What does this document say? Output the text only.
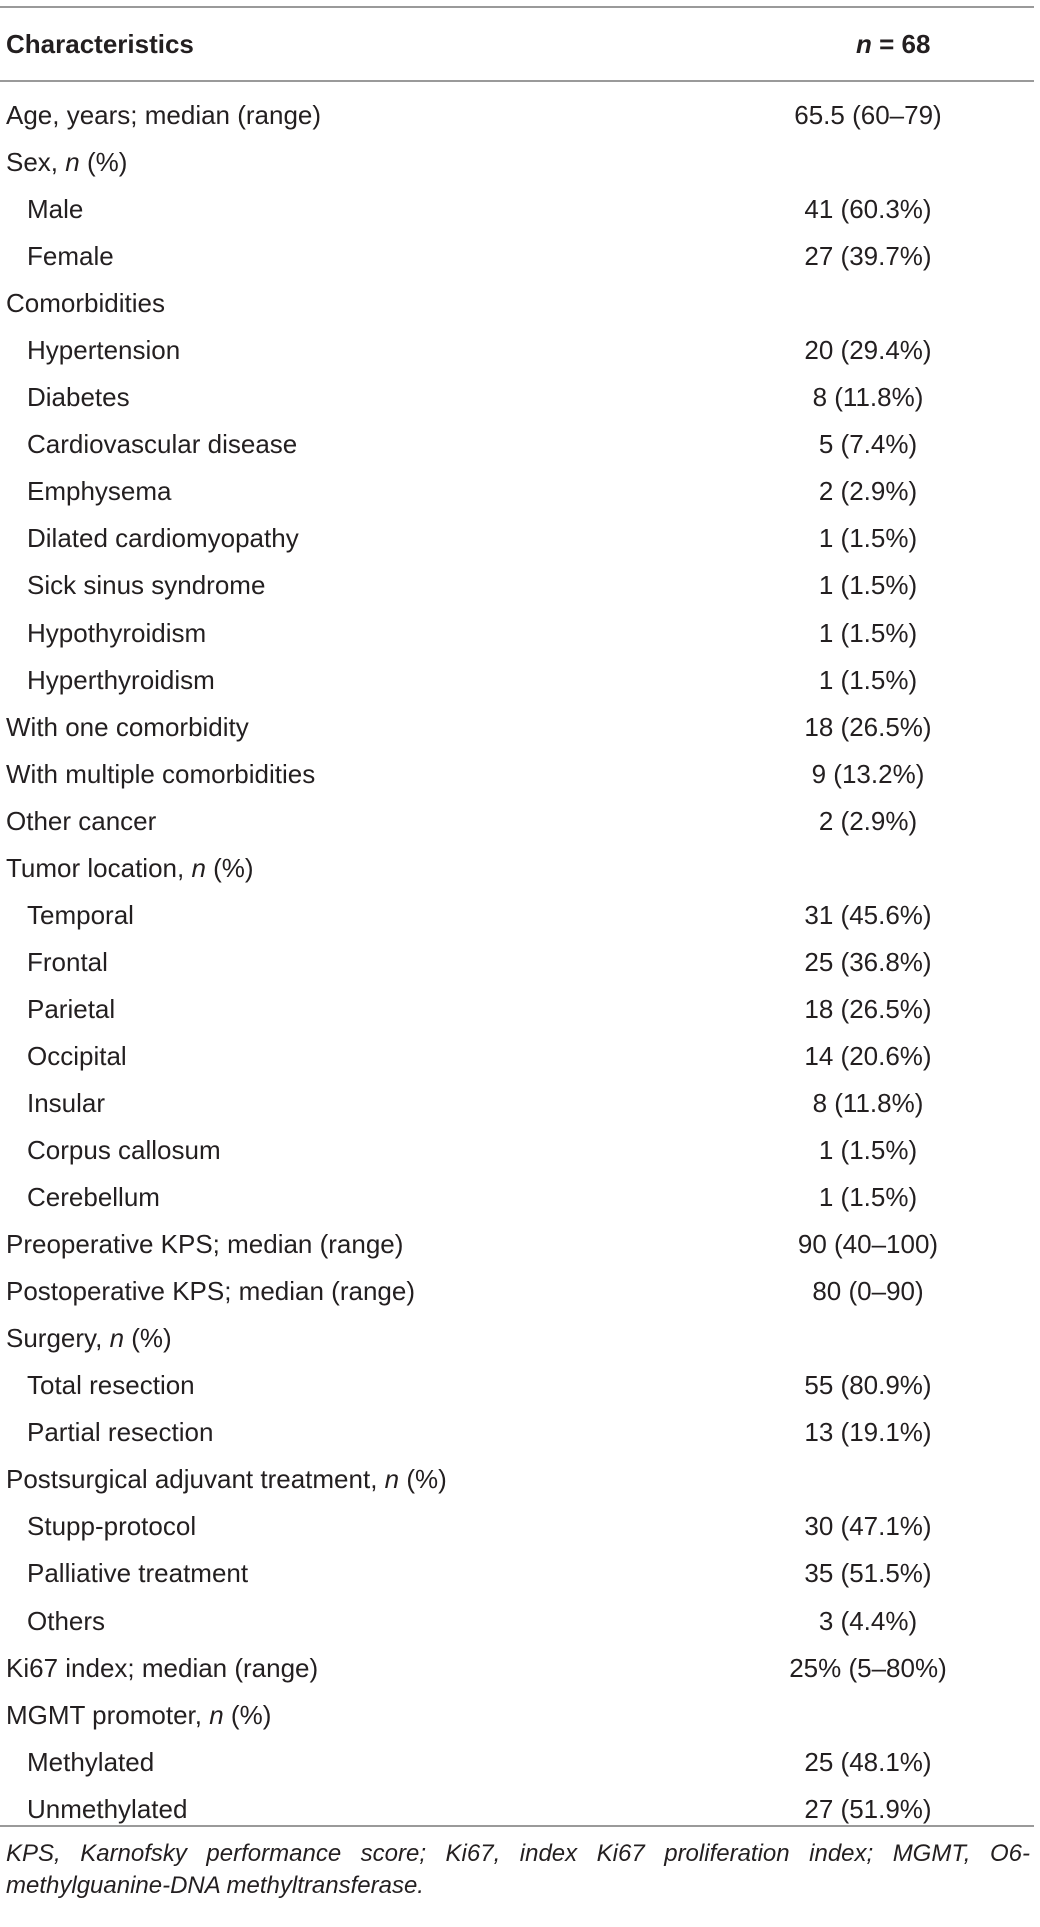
Characteristics	n = 68
Age, years; median (range)	65.5 (60–79)
Sex, n (%)
Male	41 (60.3%)
Female	27 (39.7%)
Comorbidities
Hypertension	20 (29.4%)
Diabetes	8 (11.8%)
Cardiovascular disease	5 (7.4%)
Emphysema	2 (2.9%)
Dilated cardiomyopathy	1 (1.5%)
Sick sinus syndrome	1 (1.5%)
Hypothyroidism	1 (1.5%)
Hyperthyroidism	1 (1.5%)
With one comorbidity	18 (26.5%)
With multiple comorbidities	9 (13.2%)
Other cancer	2 (2.9%)
Tumor location, n (%)
Temporal	31 (45.6%)
Frontal	25 (36.8%)
Parietal	18 (26.5%)
Occipital	14 (20.6%)
Insular	8 (11.8%)
Corpus callosum	1 (1.5%)
Cerebellum	1 (1.5%)
Preoperative KPS; median (range)	90 (40–100)
Postoperative KPS; median (range)	80 (0–90)
Surgery, n (%)
Total resection	55 (80.9%)
Partial resection	13 (19.1%)
Postsurgical adjuvant treatment, n (%)
Stupp-protocol	30 (47.1%)
Palliative treatment	35 (51.5%)
Others	3 (4.4%)
Ki67 index; median (range)	25% (5–80%)
MGMT promoter, n (%)
Methylated	25 (48.1%)
Unmethylated	27 (51.9%)
KPS, Karnofsky performance score; Ki67, index Ki67 proliferation index; MGMT, O6-methylguanine-DNA methyltransferase.
